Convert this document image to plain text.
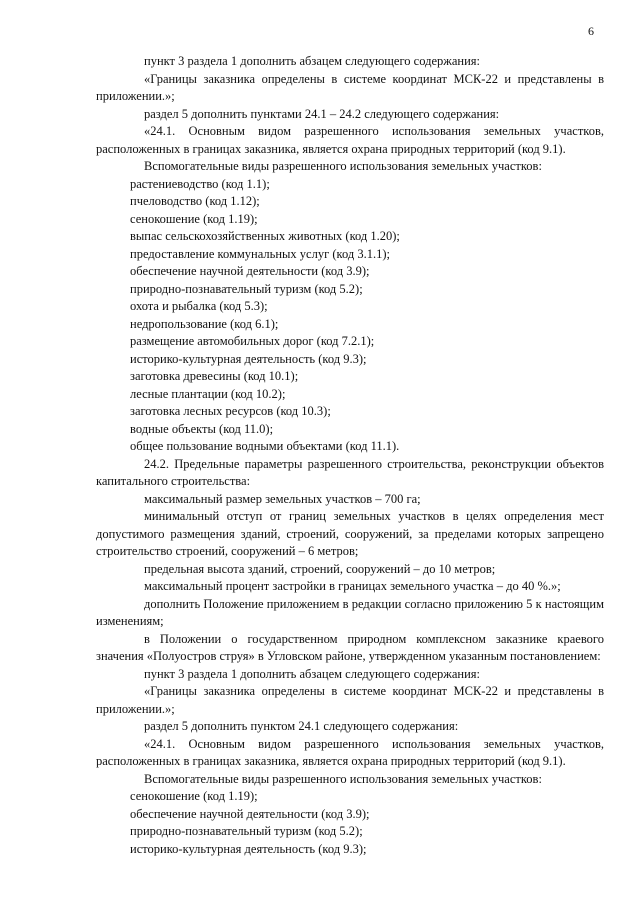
6

пункт 3 раздела 1 дополнить абзацем следующего содержания:

«Границы заказника определены в системе координат МСК-22 и представлены в приложении.»;

раздел 5 дополнить пунктами 24.1 – 24.2 следующего содержания:

«24.1. Основным видом разрешенного использования земельных участков, расположенных в границах заказника, является охрана природных территорий (код 9.1).

Вспомогательные виды разрешенного использования земельных участков:

растениеводство (код 1.1);

пчеловодство (код 1.12);

сенокошение (код 1.19);

выпас сельскохозяйственных животных (код 1.20);

предоставление коммунальных услуг (код 3.1.1);

обеспечение научной деятельности (код 3.9);

природно-познавательный туризм (код 5.2);

охота и рыбалка (код 5.3);

недропользование (код 6.1);

размещение автомобильных дорог (код 7.2.1);

историко-культурная деятельность (код 9.3);

заготовка древесины (код 10.1);

лесные плантации (код 10.2);

заготовка лесных ресурсов (код 10.3);

водные объекты (код 11.0);

общее пользование водными объектами (код 11.1).

24.2. Предельные параметры разрешенного строительства, реконструкции объектов капитального строительства:

максимальный размер земельных участков – 700 га;

минимальный отступ от границ земельных участков в целях определения мест допустимого размещения зданий, строений, сооружений, за пределами которых запрещено строительство строений, сооружений – 6 метров;

предельная высота зданий, строений, сооружений – до 10 метров;

максимальный процент застройки в границах земельного участка – до 40 %.»;

дополнить Положение приложением в редакции согласно приложению 5 к настоящим изменениям;

в Положении о государственном природном комплексном заказнике краевого значения «Полуостров струя» в Угловском районе, утвержденном указанным постановлением:

пункт 3 раздела 1 дополнить абзацем следующего содержания:

«Границы заказника определены в системе координат МСК-22 и представлены в приложении.»;

раздел 5 дополнить пунктом 24.1 следующего содержания:

«24.1. Основным видом разрешенного использования земельных участков, расположенных в границах заказника, является охрана природных территорий (код 9.1).

Вспомогательные виды разрешенного использования земельных участков:

сенокошение (код 1.19);

обеспечение научной деятельности (код 3.9);

природно-познавательный туризм (код 5.2);

историко-культурная деятельность (код 9.3);
